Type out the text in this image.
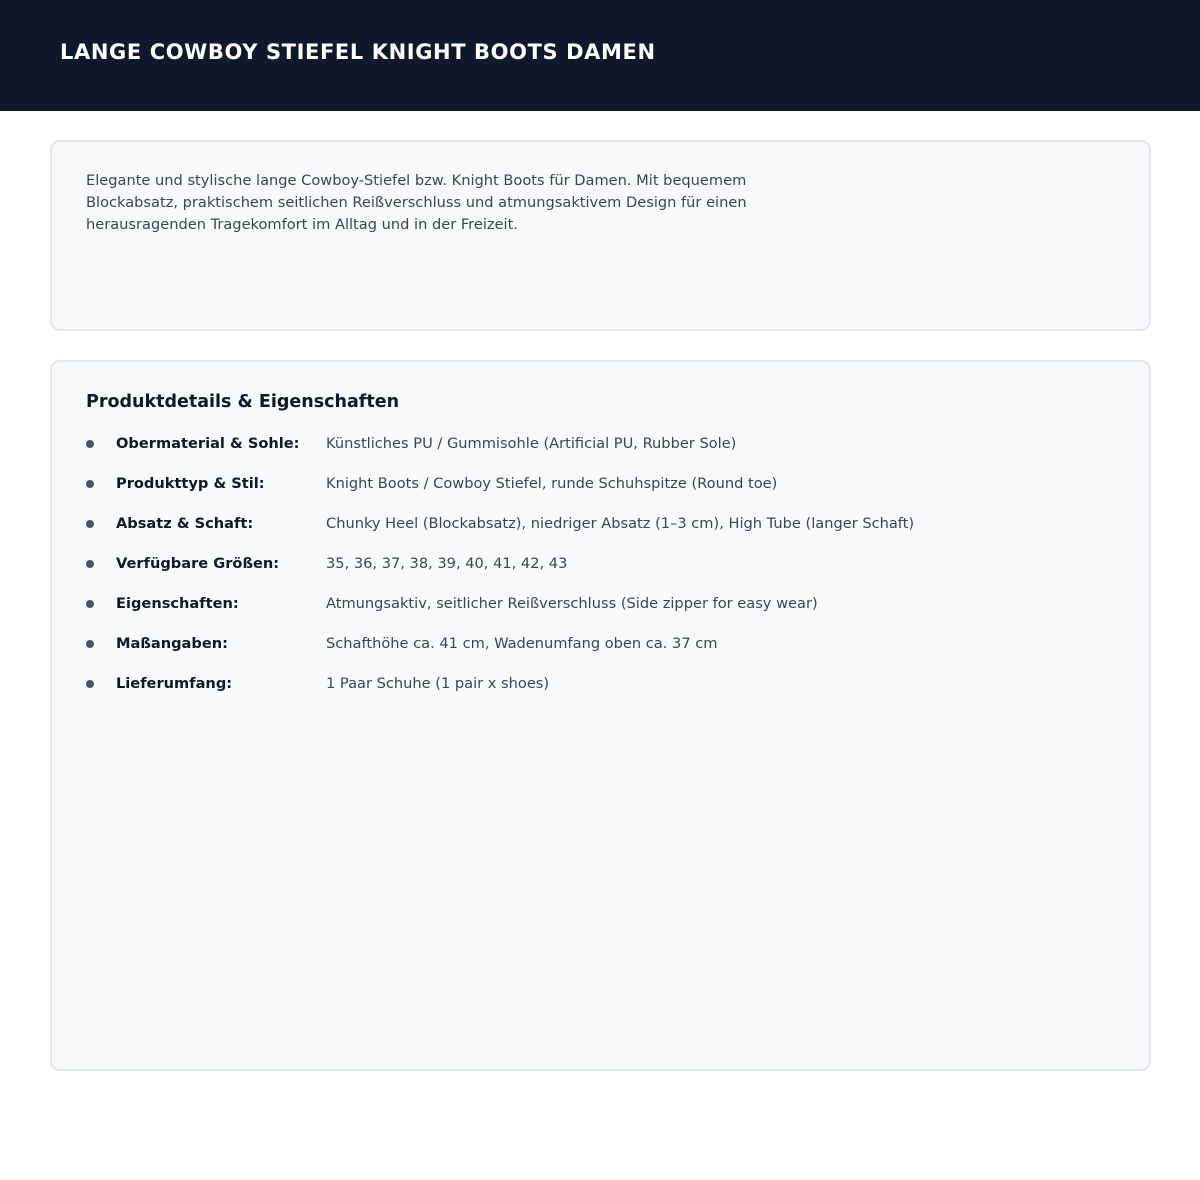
LANGE COWBOY STIEFEL KNIGHT BOOTS DAMEN

Elegante und stylische lange Cowboy-Stiefel bzw. Knight Boots für Damen. Mit bequemem Blockabsatz, praktischem seitlichen Reißverschluss und atmungsaktivem Design für einen herausragenden Tragekomfort im Alltag und in der Freizeit.

Produktdetails & Eigenschaften
Obermaterial & Sohle: Künstliches PU / Gummisohle (Artificial PU, Rubber Sole)
Produkttyp & Stil:	Knight Boots / Cowboy Stiefel, runde Schuhspitze (Round toe)
Absatz & Schaft:	Chunky Heel (Blockabsatz), niedriger Absatz (1–3 cm), High Tube (langer Schaft)
Verfügbare Größen:	35, 36, 37, 38, 39, 40, 41, 42, 43
Eigenschaften:	Atmungsaktiv, seitlicher Reißverschluss (Side zipper for easy wear)
Maßangaben:	Schafthöhe ca. 41 cm, Wadenumfang oben ca. 37 cm
Lieferumfang:	1 Paar Schuhe (1 pair x shoes)
